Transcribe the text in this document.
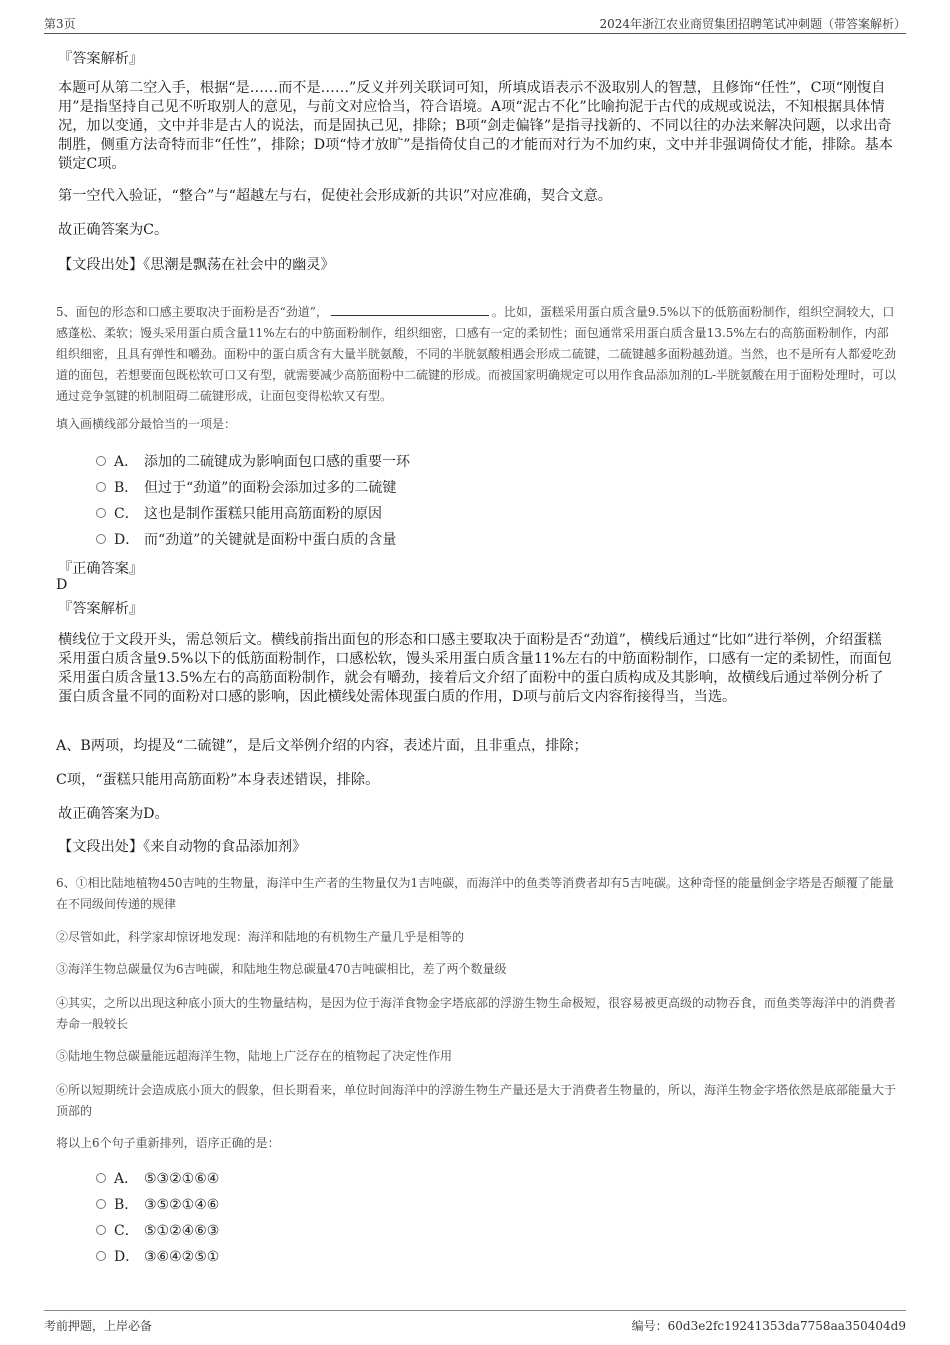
第3页	2024年浙江农业商贸集团招聘笔试冲刺题（带答案解析）
『答案解析』

本题可从第二空入手，根据“是……而不是……”反义并列关联词可知，所填成语表示不汲取别人的智慧，且修饰“任性”，C项“刚愎自用”是指坚持自己见不听取别人的意见，与前文对应恰当，符合语境。A项“泥古不化”比喻拘泥于古代的成规或说法，不知根据具体情况，加以变通，文中并非是古人的说法，而是固执己见，排除；B项“剑走偏锋”是指寻找新的、不同以往的办法来解决问题，以求出奇制胜，侧重方法奇特而非“任性”，排除；D项“恃才放旷”是指倚仗自己的才能而对行为不加约束，文中并非强调倚仗才能，排除。基本锁定C项。

第一空代入验证，“整合”与“超越左与右，促使社会形成新的共识”对应准确，契合文意。

故正确答案为C。

【文段出处】《思潮是飘荡在社会中的幽灵》

5、面包的形态和口感主要取决于面粉是否“劲道”，	。比如，蛋糕采用蛋白质含量9.5%以下的低筋面粉制作，组织空洞较大，口感蓬松、柔软；馒头采用蛋白质含量11%左右的中筋面粉制作，组织细密，口感有一定的柔韧性；面包通常采用蛋白质含量13.5%左右的高筋面粉制作，内部组织细密，且具有弹性和嚼劲。面粉中的蛋白质含有大量半胱氨酸，不同的半胱氨酸相遇会形成二硫键，二硫键越多面粉越劲道。当然，也不是所有人都爱吃劲道的面包，若想要面包既松软可口又有型，就需要减少高筋面粉中二硫键的形成。而被国家明确规定可以用作食品添加剂的L-半胱氨酸在用于面粉处理时，可以通过竞争氢键的机制阻碍二硫键形成，让面包变得松软又有型。

填入画横线部分最恰当的一项是：

A． 添加的二硫键成为影响面包口感的重要一环
B． 但过于“劲道”的面粉会添加过多的二硫键
C． 这也是制作蛋糕只能用高筋面粉的原因
D． 而“劲道”的关键就是面粉中蛋白质的含量
『正确答案』
D
『答案解析』

横线位于文段开头，需总领后文。横线前指出面包的形态和口感主要取决于面粉是否“劲道”，横线后通过“比如”进行举例，介绍蛋糕采用蛋白质含量9.5%以下的低筋面粉制作，口感松软，馒头采用蛋白质含量11%左右的中筋面粉制作，口感有一定的柔韧性，而面包采用蛋白质含量13.5%左右的高筋面粉制作，就会有嚼劲，接着后文介绍了面粉中的蛋白质构成及其影响，故横线后通过举例分析了蛋白质含量不同的面粉对口感的影响，因此横线处需体现蛋白质的作用，D项与前后文内容衔接得当，当选。

A、B两项，均提及“二硫键”，是后文举例介绍的内容，表述片面，且非重点，排除；

C项，“蛋糕只能用高筋面粉”本身表述错误，排除。

故正确答案为D。

【文段出处】《来自动物的食品添加剂》

6、①相比陆地植物450吉吨的生物量，海洋中生产者的生物量仅为1吉吨碳，而海洋中的鱼类等消费者却有5吉吨碳。这种奇怪的能量倒金字塔是否颠覆了能量在不同级间传递的规律

②尽管如此，科学家却惊讶地发现：海洋和陆地的有机物生产量几乎是相等的

③海洋生物总碳量仅为6吉吨碳，和陆地生物总碳量470吉吨碳相比，差了两个数量级

④其实，之所以出现这种底小顶大的生物量结构，是因为位于海洋食物金字塔底部的浮游生物生命极短，很容易被更高级的动物吞食，而鱼类等海洋中的消费者寿命一般较长

⑤陆地生物总碳量能远超海洋生物，陆地上广泛存在的植物起了决定性作用

⑥所以短期统计会造成底小顶大的假象，但长期看来，单位时间海洋中的浮游生物生产量还是大于消费者生物量的，所以，海洋生物金字塔依然是底部能量大于顶部的

将以上6个句子重新排列，语序正确的是：

A． ⑤③②①⑥④
B． ③⑤②①④⑥
C． ⑤①②④⑥③
D． ③⑥④②⑤①
考前押题，上岸必备	编号：60d3e2fc19241353da7758aa350404d9
